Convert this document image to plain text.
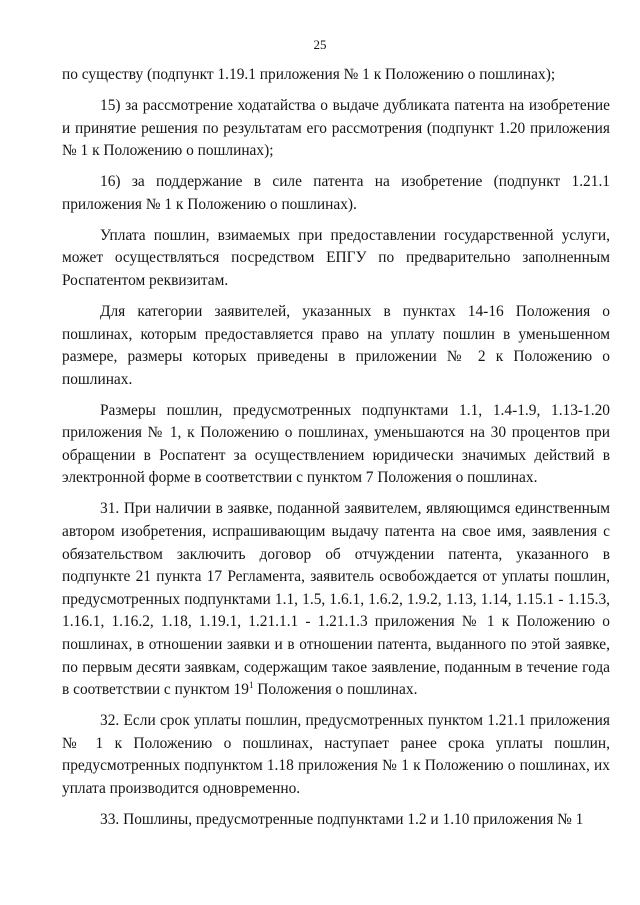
25

по существу (подпункт 1.19.1 приложения № 1 к Положению о пошлинах);

15) за рассмотрение ходатайства о выдаче дубликата патента на изобретение и принятие решения по результатам его рассмотрения (подпункт 1.20 приложения № 1 к Положению о пошлинах);

16) за поддержание в силе патента на изобретение (подпункт 1.21.1 приложения № 1 к Положению о пошлинах).

Уплата пошлин, взимаемых при предоставлении государственной услуги, может осуществляться посредством ЕПГУ по предварительно заполненным Роспатентом реквизитам.

Для категории заявителей, указанных в пунктах 14-16 Положения о пошлинах, которым предоставляется право на уплату пошлин в уменьшенном размере, размеры которых приведены в приложении № 2 к Положению о пошлинах.

Размеры пошлин, предусмотренных подпунктами 1.1, 1.4-1.9, 1.13-1.20 приложения № 1, к Положению о пошлинах, уменьшаются на 30 процентов при обращении в Роспатент за осуществлением юридически значимых действий в электронной форме в соответствии с пунктом 7 Положения о пошлинах.

31. При наличии в заявке, поданной заявителем, являющимся единственным автором изобретения, испрашивающим выдачу патента на свое имя, заявления с обязательством заключить договор об отчуждении патента, указанного в подпункте 21 пункта 17 Регламента, заявитель освобождается от уплаты пошлин, предусмотренных подпунктами 1.1, 1.5, 1.6.1, 1.6.2, 1.9.2, 1.13, 1.14, 1.15.1 - 1.15.3, 1.16.1, 1.16.2, 1.18, 1.19.1, 1.21.1.1 - 1.21.1.3 приложения № 1 к Положению о пошлинах, в отношении заявки и в отношении патента, выданного по этой заявке, по первым десяти заявкам, содержащим такое заявление, поданным в течение года в соответствии с пунктом $19^1$ Положения о пошлинах.

32. Если срок уплаты пошлин, предусмотренных пунктом 1.21.1 приложения № 1 к Положению о пошлинах, наступает ранее срока уплаты пошлин, предусмотренных подпунктом 1.18 приложения № 1 к Положению о пошлинах, их уплата производится одновременно.

33. Пошлины, предусмотренные подпунктами 1.2 и 1.10 приложения № 1
